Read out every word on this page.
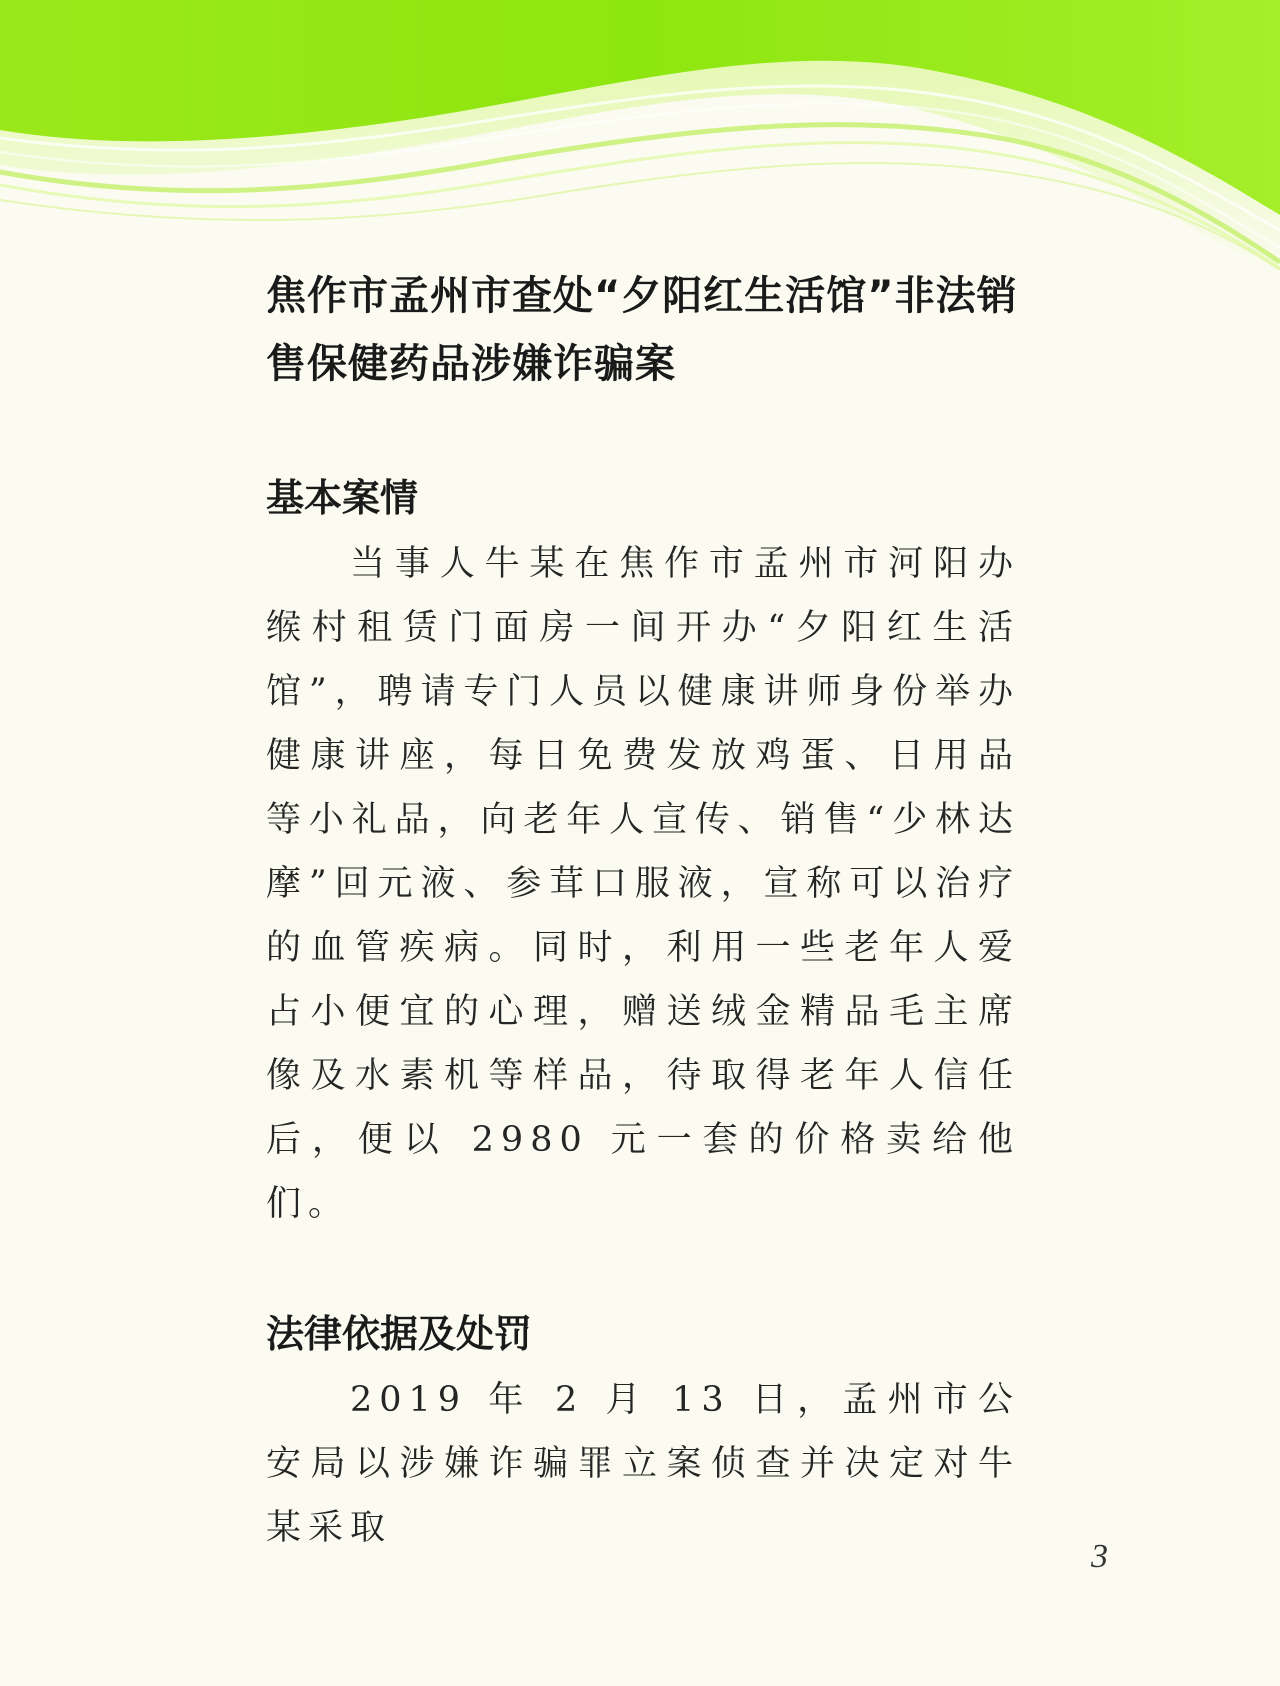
焦作市孟州市查处“夕阳红生活馆”非法销售保健药品涉嫌诈骗案
基本案情

当事人牛某在焦作市孟州市河阳办缑村租赁门面房一间开办“夕阳红生活馆”，聘请专门人员以健康讲师身份举办健康讲座，每日免费发放鸡蛋、日用品等小礼品，向老年人宣传、销售“少林达摩”回元液、参茸口服液，宣称可以治疗的血管疾病。同时，利用一些老年人爱占小便宜的心理，赠送绒金精品毛主席像及水素机等样品，待取得老年人信任后，便以 2980 元一套的价格卖给他们。

法律依据及处罚

2019 年 2 月 13 日，孟州市公安局以涉嫌诈骗罪立案侦查并决定对牛某采取

3
